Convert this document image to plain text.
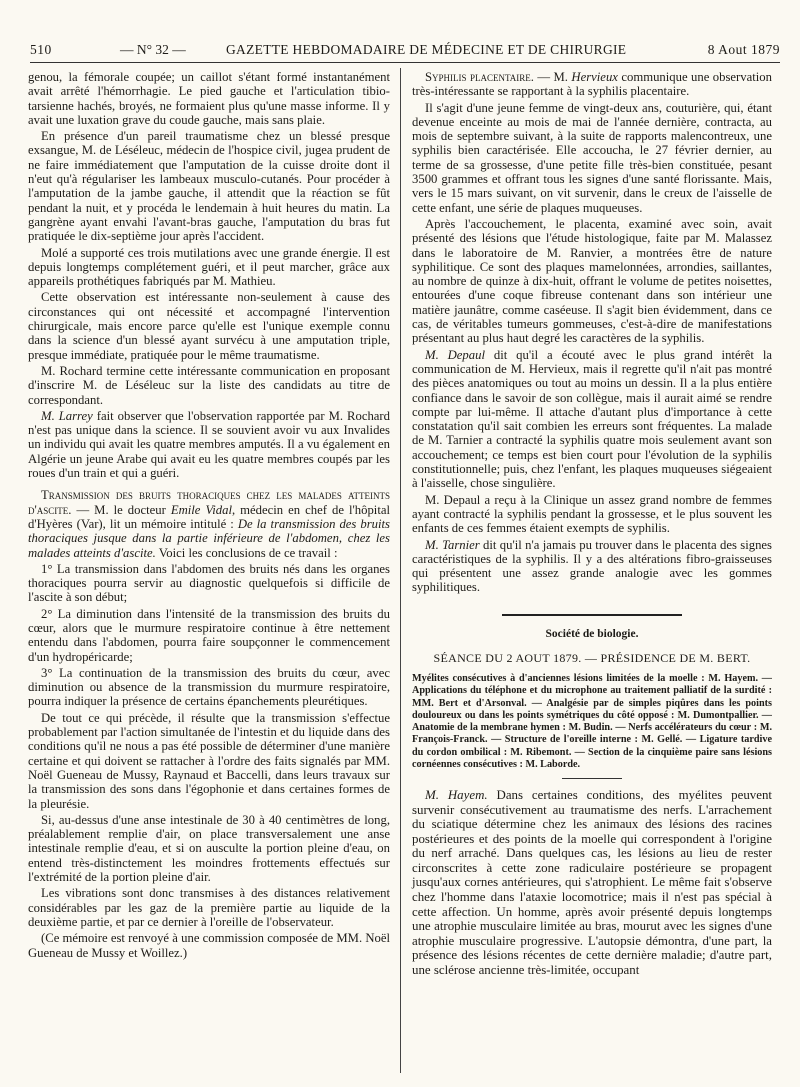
510	— N° 32 —	GAZETTE HEBDOMADAIRE DE MÉDECINE ET DE CHIRURGIE	8 Aout 1879

genou, la fémorale coupée; un caillot s'étant formé instantanément avait arrêté l'hémorrhagie. Le pied gauche et l'articulation tibio-tarsienne hachés, broyés, ne formaient plus qu'une masse informe. Il y avait une luxation grave du coude gauche, mais sans plaie.

En présence d'un pareil traumatisme chez un blessé presque exsangue, M. de Léséleuc, médecin de l'hospice civil, jugea prudent de ne faire immédiatement que l'amputation de la cuisse droite dont il n'eut qu'à régulariser les lambeaux musculo-cutanés. Pour procéder à l'amputation de la jambe gauche, il attendit que la réaction se fût pendant la nuit, et y procéda le lendemain à huit heures du matin. La gangrène ayant envahi l'avant-bras gauche, l'amputation du bras fut pratiquée le dix-septième jour après l'accident.

Molé a supporté ces trois mutilations avec une grande énergie. Il est depuis longtemps complétement guéri, et il peut marcher, grâce aux appareils prothétiques fabriqués par M. Mathieu.

Cette observation est intéressante non-seulement à cause des circonstances qui ont nécessité et accompagné l'intervention chirurgicale, mais encore parce qu'elle est l'unique exemple connu dans la science d'un blessé ayant survécu à une amputation triple, presque immédiate, pratiquée pour le même traumatisme.

M. Rochard termine cette intéressante communication en proposant d'inscrire M. de Léséleuc sur la liste des candidats au titre de correspondant.

M. Larrey fait observer que l'observation rapportée par M. Rochard n'est pas unique dans la science. Il se souvient avoir vu aux Invalides un individu qui avait les quatre membres amputés. Il a vu également en Algérie un jeune Arabe qui avait eu les quatre membres coupés par les roues d'un train et qui a guéri.

Transmission des bruits thoraciques chez les malades atteints d'ascite. — M. le docteur Emile Vidal, médecin en chef de l'hôpital d'Hyères (Var), lit un mémoire intitulé : De la transmission des bruits thoraciques jusque dans la partie inférieure de l'abdomen, chez les malades atteints d'ascite. Voici les conclusions de ce travail :

1° La transmission dans l'abdomen des bruits nés dans les organes thoraciques pourra servir au diagnostic quelquefois si difficile de l'ascite à son début;

2° La diminution dans l'intensité de la transmission des bruits du cœur, alors que le murmure respiratoire continue à être nettement entendu dans l'abdomen, pourra faire soupçonner le commencement d'un hydropéricarde;

3° La continuation de la transmission des bruits du cœur, avec diminution ou absence de la transmission du murmure respiratoire, pourra indiquer la présence de certains épanchements pleurétiques.

De tout ce qui précède, il résulte que la transmission s'effectue probablement par l'action simultanée de l'intestin et du liquide dans des conditions qu'il ne nous a pas été possible de déterminer d'une manière certaine et qui doivent se rattacher à l'ordre des faits signalés par MM. Noël Gueneau de Mussy, Raynaud et Baccelli, dans leurs travaux sur la transmission des sons dans l'égophonie et dans certaines formes de la pleurésie.

Si, au-dessus d'une anse intestinale de 30 à 40 centimètres de long, préalablement remplie d'air, on place transversalement une anse intestinale remplie d'eau, et si on ausculte la portion pleine d'eau, on entend très-distinctement les moindres frottements effectués sur l'extrémité de la portion pleine d'air.

Les vibrations sont donc transmises à des distances relativement considérables par les gaz de la première partie au liquide de la deuxième partie, et par ce dernier à l'oreille de l'observateur.

(Ce mémoire est renvoyé à une commission composée de MM. Noël Gueneau de Mussy et Woillez.)

Syphilis placentaire. — M. Hervieux communique une observation très-intéressante se rapportant à la syphilis placentaire.

Il s'agit d'une jeune femme de vingt-deux ans, couturière, qui, étant devenue enceinte au mois de mai de l'année dernière, contracta, au mois de septembre suivant, à la suite de rapports malencontreux, une syphilis bien caractérisée. Elle accoucha, le 27 février dernier, au terme de sa grossesse, d'une petite fille très-bien constituée, pesant 3500 grammes et offrant tous les signes d'une santé florissante. Mais, vers le 15 mars suivant, on vit survenir, dans le creux de l'aisselle de cette enfant, une série de plaques muqueuses.

Après l'accouchement, le placenta, examiné avec soin, avait présenté des lésions que l'étude histologique, faite par M. Malassez dans le laboratoire de M. Ranvier, a montrées être de nature syphilitique. Ce sont des plaques mamelonnées, arrondies, saillantes, au nombre de quinze à dix-huit, offrant le volume de petites noisettes, entourées d'une coque fibreuse contenant dans son intérieur une matière jaunâtre, comme caséeuse. Il s'agit bien évidemment, dans ce cas, de véritables tumeurs gommeuses, c'est-à-dire de manifestations présentant au plus haut degré les caractères de la syphilis.

M. Depaul dit qu'il a écouté avec le plus grand intérêt la communication de M. Hervieux, mais il regrette qu'il n'ait pas montré des pièces anatomiques ou tout au moins un dessin. Il a la plus entière confiance dans le savoir de son collègue, mais il aurait aimé se rendre compte par lui-même. Il attache d'autant plus d'importance à cette constatation qu'il sait combien les erreurs sont fréquentes. La malade de M. Tarnier a contracté la syphilis quatre mois seulement avant son accouchement; ce temps est bien court pour l'évolution de la syphilis constitutionnelle; puis, chez l'enfant, les plaques muqueuses siégeaient à l'aisselle, chose singulière.

M. Depaul a reçu à la Clinique un assez grand nombre de femmes ayant contracté la syphilis pendant la grossesse, et le plus souvent les enfants de ces femmes étaient exempts de syphilis.

M. Tarnier dit qu'il n'a jamais pu trouver dans le placenta des signes caractéristiques de la syphilis. Il y a des altérations fibro-graisseuses qui présentent une assez grande analogie avec les gommes syphilitiques.

Société de biologie.
SÉANCE DU 2 AOUT 1879. — PRÉSIDENCE DE M. BERT.
Myélites consécutives à d'anciennes lésions limitées de la moelle : M. Hayem. — Applications du téléphone et du microphone au traitement palliatif de la surdité : MM. Bert et d'Arsonval. — Analgésie par de simples piqûres dans les points douloureux ou dans les points symétriques du côté opposé : M. Dumontpallier. — Anatomie de la membrane hymen : M. Budin. — Nerfs accélérateurs du cœur : M. François-Franck. — Structure de l'oreille interne : M. Gellé. — Ligature tardive du cordon ombilical : M. Ribemont. — Section de la cinquième paire sans lésions cornéennes consécutives : M. Laborde.

M. Hayem. Dans certaines conditions, des myélites peuvent survenir consécutivement au traumatisme des nerfs. L'arrachement du sciatique détermine chez les animaux des lésions des racines postérieures et des points de la moelle qui correspondent à l'origine du nerf arraché. Dans quelques cas, les lésions au lieu de rester circonscrites à cette zone radiculaire postérieure se propagent jusqu'aux cornes antérieures, qui s'atrophient. Le même fait s'observe chez l'homme dans l'ataxie locomotrice; mais il n'est pas spécial à cette affection. Un homme, après avoir présenté depuis longtemps une atrophie musculaire limitée au bras, mourut avec les signes d'une atrophie musculaire progressive. L'autopsie démontra, d'une part, la présence des lésions récentes de cette dernière maladie; d'autre part, une sclérose ancienne très-limitée, occupant
